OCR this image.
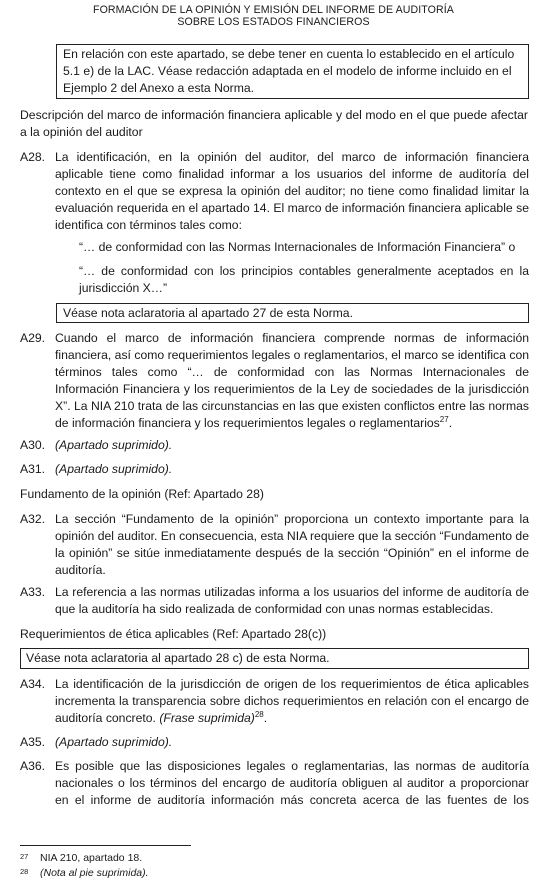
FORMACIÓN DE LA OPINIÓN Y EMISIÓN DEL INFORME DE AUDITORÍA
SOBRE LOS ESTADOS FINANCIEROS
En relación con este apartado, se debe tener en cuenta lo establecido en el artículo 5.1 e) de la LAC. Véase redacción adaptada en el modelo de informe incluido en el Ejemplo 2 del Anexo a esta Norma.
Descripción del marco de información financiera aplicable y del modo en el que puede afectar a la opinión del auditor
A28. La identificación, en la opinión del auditor, del marco de información financiera aplicable tiene como finalidad informar a los usuarios del informe de auditoría del contexto en el que se expresa la opinión del auditor; no tiene como finalidad limitar la evaluación requerida en el apartado 14. El marco de información financiera aplicable se identifica con términos tales como:
“… de conformidad con las Normas Internacionales de Información Financiera” o
“… de conformidad con los principios contables generalmente aceptados en la jurisdicción X…”
Véase nota aclaratoria al apartado 27 de esta Norma.
A29. Cuando el marco de información financiera comprende normas de información financiera, así como requerimientos legales o reglamentarios, el marco se identifica con términos tales como “… de conformidad con las Normas Internacionales de Información Financiera y los requerimientos de la Ley de sociedades de la jurisdicción X”. La NIA 210 trata de las circunstancias en las que existen conflictos entre las normas de información financiera y los requerimientos legales o reglamentarios$^{27}$.
A30. (Apartado suprimido).
A31. (Apartado suprimido).
Fundamento de la opinión (Ref: Apartado 28)
A32. La sección “Fundamento de la opinión” proporciona un contexto importante para la opinión del auditor. En consecuencia, esta NIA requiere que la sección “Fundamento de la opinión” se sitúe inmediatamente después de la sección “Opinión” en el informe de auditoría.
A33. La referencia a las normas utilizadas informa a los usuarios del informe de auditoría de que la auditoría ha sido realizada de conformidad con unas normas establecidas.
Requerimientos de ética aplicables (Ref: Apartado 28(c))
Véase nota aclaratoria al apartado 28 c) de esta Norma.
A34. La identificación de la jurisdicción de origen de los requerimientos de ética aplicables incrementa la transparencia sobre dichos requerimientos en relación con el encargo de auditoría concreto. (Frase suprimida)$^{28}$.
A35. (Apartado suprimido).
A36. Es posible que las disposiciones legales o reglamentarias, las normas de auditoría nacionales o los términos del encargo de auditoría obliguen al auditor a proporcionar en el informe de auditoría información más concreta acerca de las fuentes de los
27 NIA 210, apartado 18.
28 (Nota al pie suprimida).
